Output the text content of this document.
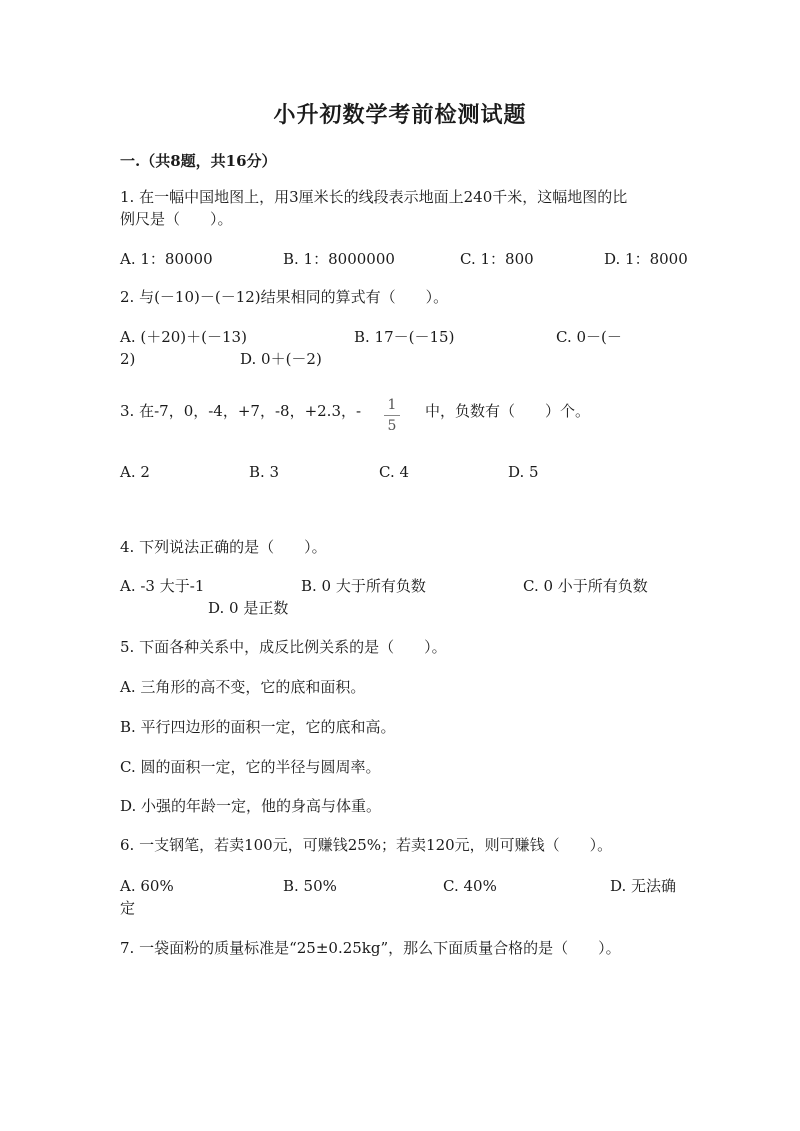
小升初数学考前检测试题
一.（共8题，共16分）
1. 在一幅中国地图上，用3厘米长的线段表示地面上240千米，这幅地图的比
例尺是（　　）。
A. 1：80000	B. 1：8000000	C. 1：800	D. 1：8000
2. 与(－10)－(－12)结果相同的算式有（　　）。
A. (＋20)＋(－13)	B. 17－(－15)	C. 0－(－
2)	D. 0＋(－2)
3. 在-7，0，-4，+7，-8，+2.3，-	1
5
中，负数有（　　）个。
A. 2	B. 3	C. 4	D. 5
4. 下列说法正确的是（　　）。
A. -3 大于-1	B. 0 大于所有负数	C. 0 小于所有负数
D. 0 是正数
5. 下面各种关系中，成反比例关系的是（　　）。
A. 三角形的高不变，它的底和面积。
B. 平行四边形的面积一定，它的底和高。
C. 圆的面积一定，它的半径与圆周率。
D. 小强的年龄一定，他的身高与体重。
6. 一支钢笔，若卖100元，可赚钱25%；若卖120元，则可赚钱（　　）。
A. 60%	B. 50%	C. 40%	D. 无法确
定
7. 一袋面粉的质量标准是“25±0.25kg”，那么下面质量合格的是（　　）。
